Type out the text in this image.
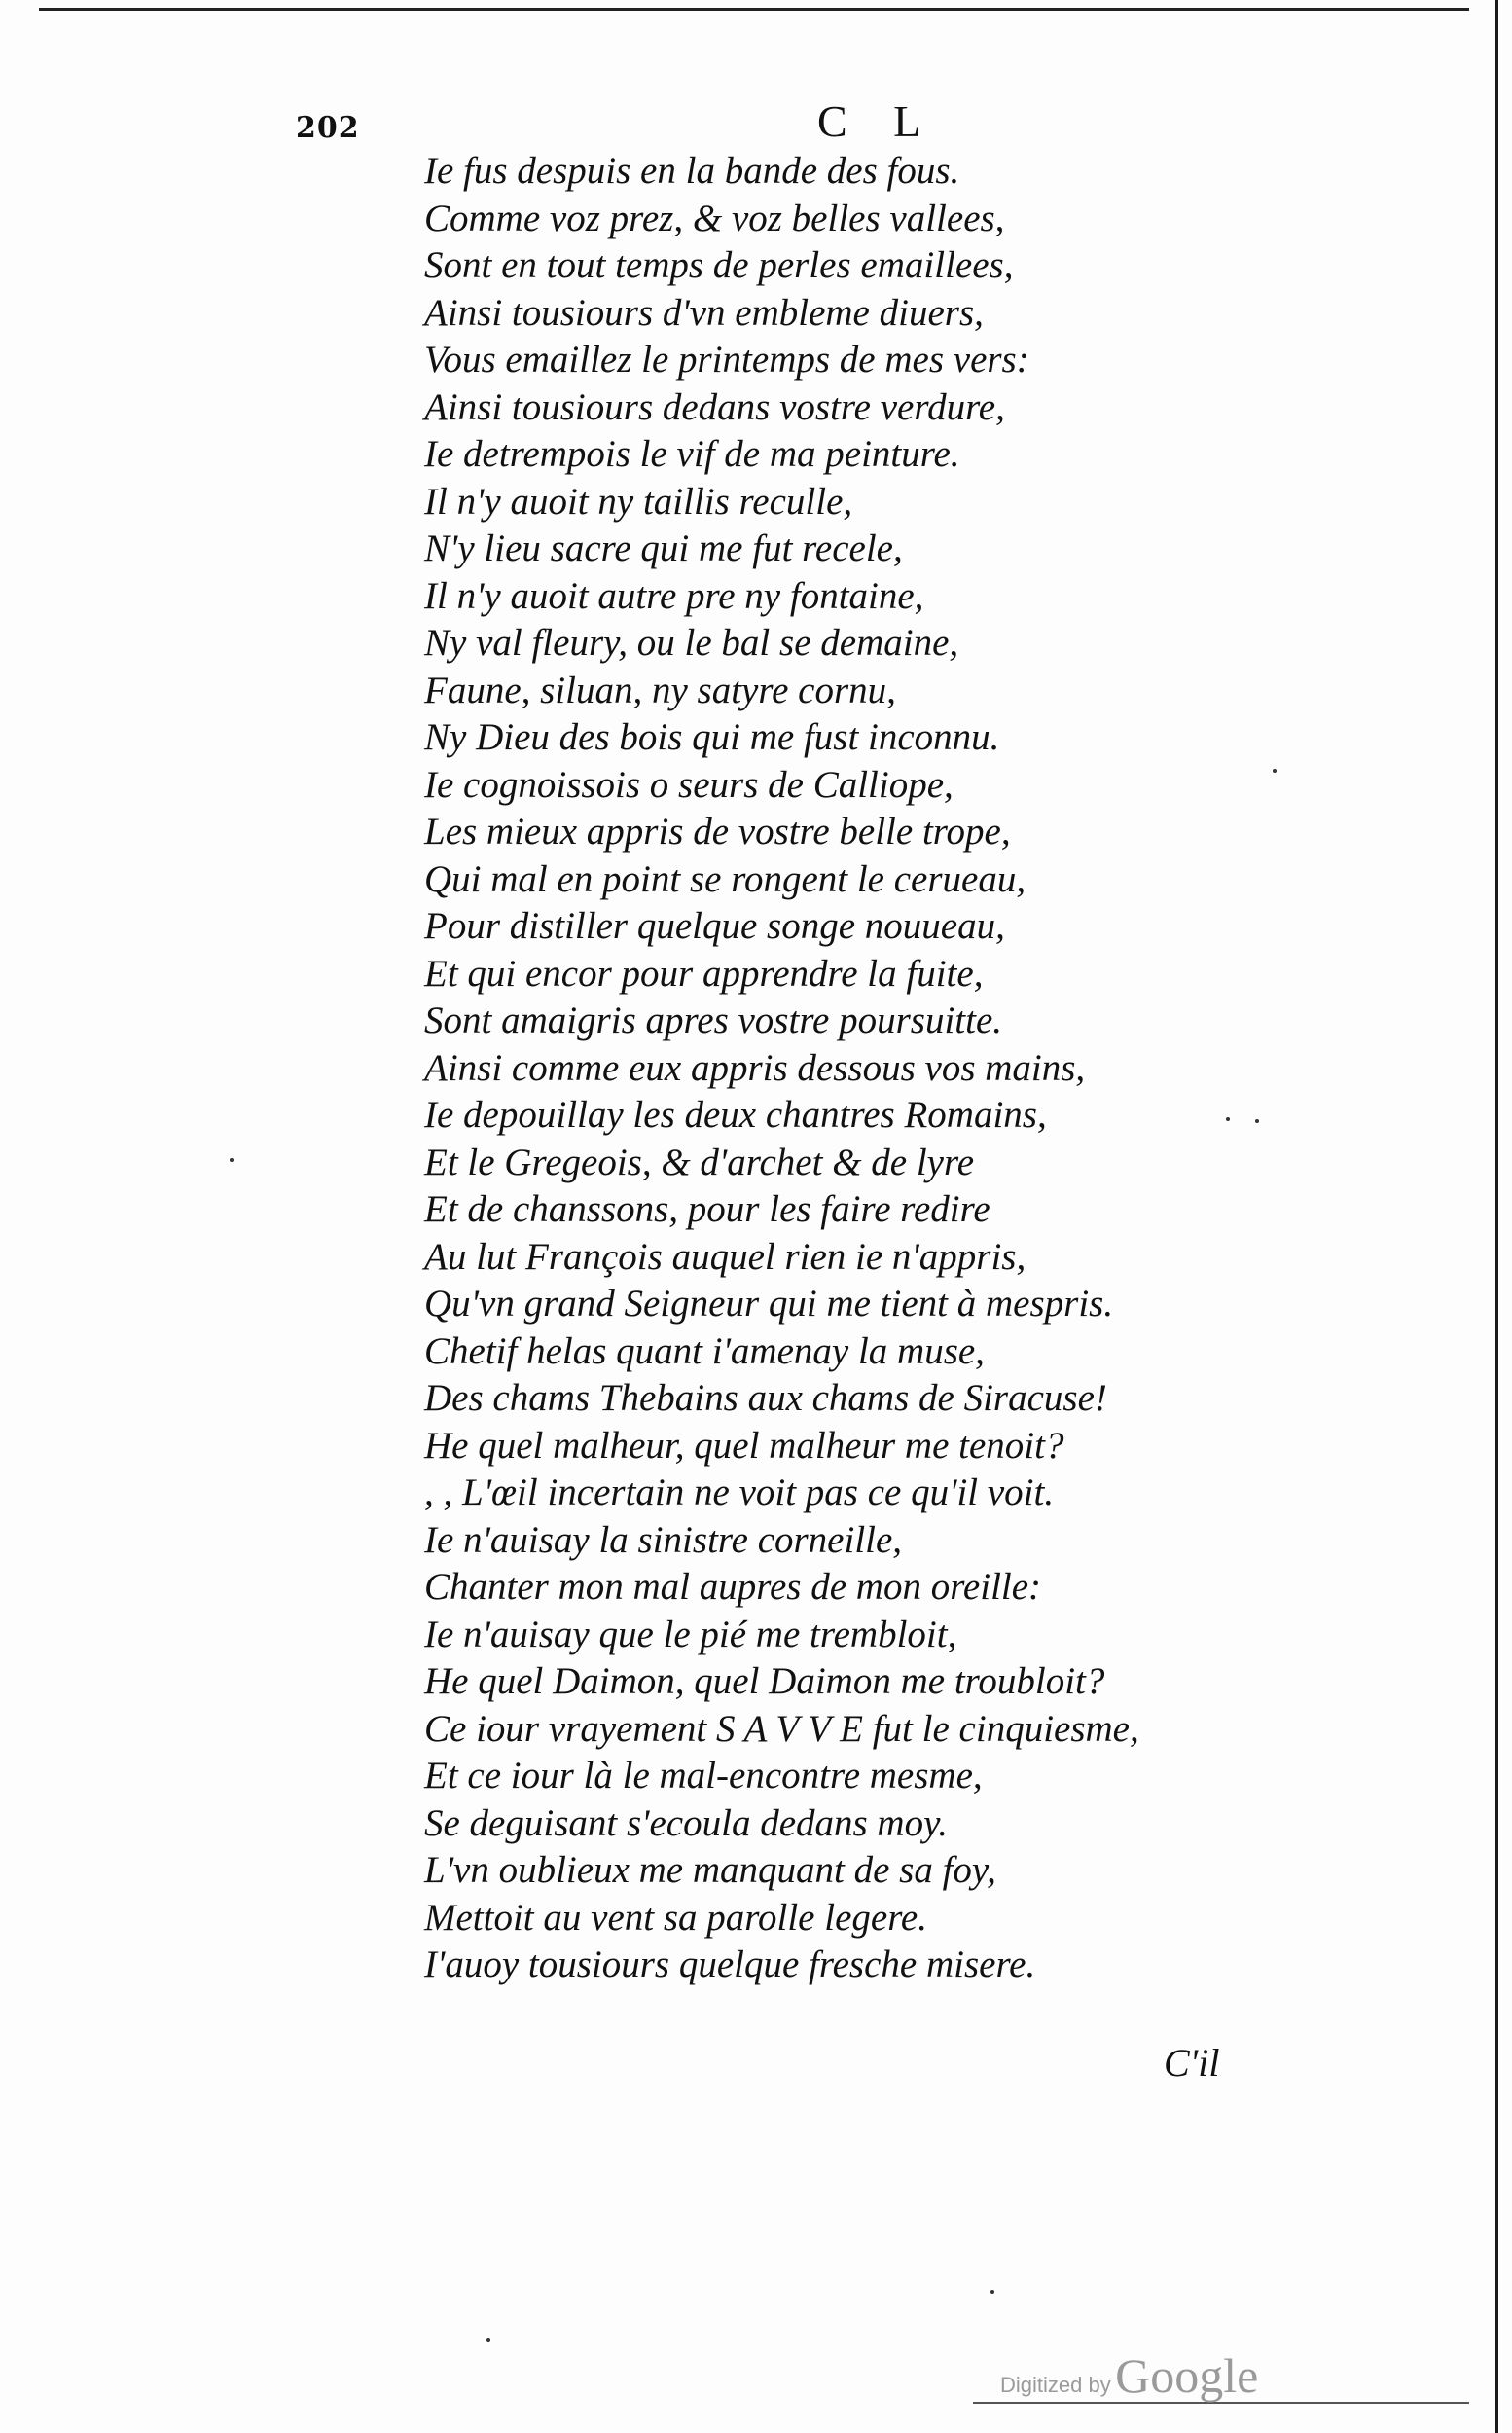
202	C L
Ie fus despuis en la bande des fous.
Comme voz prez, & voz belles vallees,
Sont en tout temps de perles emaillees,
Ainsi tousiours d'vn embleme diuers,
Vous emaillez le printemps de mes vers:
Ainsi tousiours dedans vostre verdure,
Ie detrempois le vif de ma peinture.
Il n'y auoit ny taillis reculle,
N'y lieu sacre qui me fut recele,
Il n'y auoit autre pre ny fontaine,
Ny val fleury, ou le bal se demaine,
Faune, siluan, ny satyre cornu,
Ny Dieu des bois qui me fust inconnu.
Ie cognoissois o seurs de Calliope,
Les mieux appris de vostre belle trope,
Qui mal en point se rongent le cerueau,
Pour distiller quelque songe nouueau,
Et qui encor pour apprendre la fuite,
Sont amaigris apres vostre poursuitte.
Ainsi comme eux appris dessous vos mains,
Ie depouillay les deux chantres Romains,
Et le Gregeois, & d'archet & de lyre
Et de chanssons, pour les faire redire
Au lut François auquel rien ie n'appris,
Qu'vn grand Seigneur qui me tient à mespris.
Chetif helas quant i'amenay la muse,
Des chams Thebains aux chams de Siracuse!
He quel malheur, quel malheur me tenoit?
, , L'œil incertain ne voit pas ce qu'il voit.
Ie n'auisay la sinistre corneille,
Chanter mon mal aupres de mon oreille:
Ie n'auisay que le pié me trembloit,
He quel Daimon, quel Daimon me troubloit?
Ce iour vrayement S A V V E fut le cinquiesme,
Et ce iour là le mal-encontre mesme,
Se deguisant s'ecoula dedans moy.
L'vn oublieux me manquant de sa foy,
Mettoit au vent sa parolle legere.
I'auoy tousiours quelque fresche misere.
C'il
Digitized by Google
